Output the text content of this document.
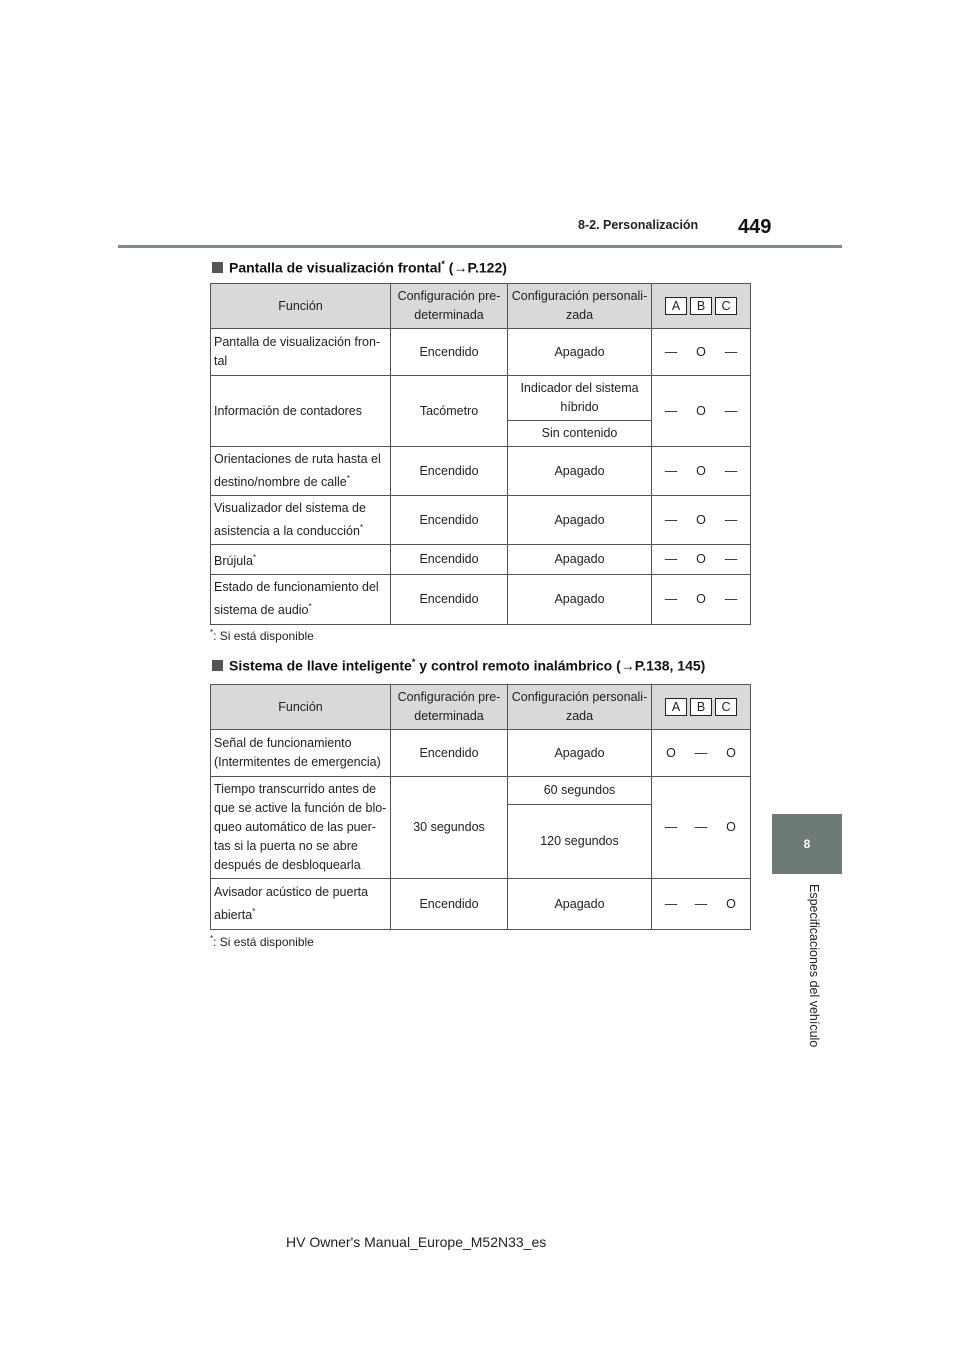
8-2. Personalización 449
8
Especificaciones del vehículo
Pantalla de visualización frontal* (→P.122)
Función	Configuración pre-determinada	Configuración personali-zada	A B C

Pantalla de visualización fron-tal	Encendido	Apagado	— O —
Información de contadores	Tacómetro	Indicador del sistema híbrido	— O —
		Sin contenido	
Orientaciones de ruta hasta el destino/nombre de calle*	Encendido	Apagado	— O —
Visualizador del sistema de asistencia a la conducción*	Encendido	Apagado	— O —
Brújula*	Encendido	Apagado	— O —
Estado de funcionamiento del sistema de audio*	Encendido	Apagado	— O —
*: Si está disponible
Sistema de llave inteligente* y control remoto inalámbrico (→P.138, 145)
Función	Configuración pre-determinada	Configuración personali-zada	A B C

Señal de funcionamiento (Intermitentes de emergencia)	Encendido	Apagado	O — O
Tiempo transcurrido antes de que se active la función de blo-queo automático de las puer-tas si la puerta no se abre después de desbloquearla	30 segundos	60 segundos	— — O
		120 segundos	
Avisador acústico de puerta abierta*	Encendido	Apagado	— — O
*: Si está disponible
HV Owner's Manual_Europe_M52N33_es
